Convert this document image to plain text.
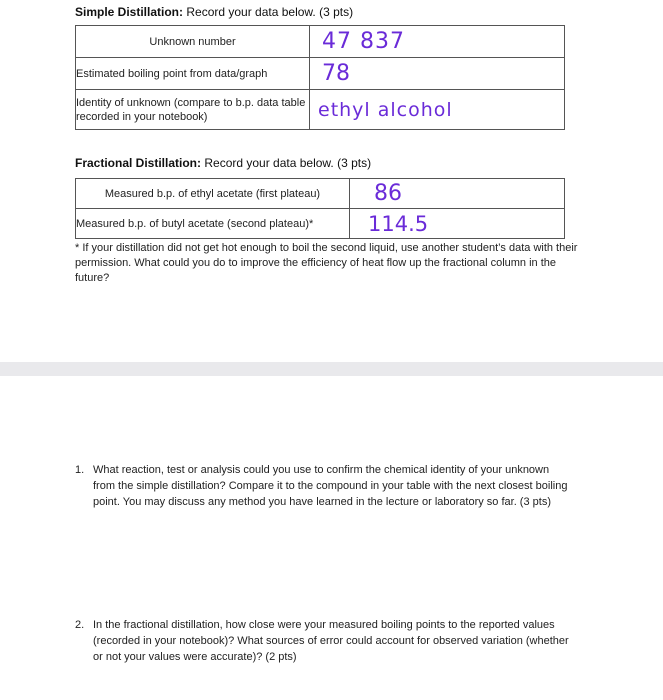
Simple Distillation: Record your data below. (3 pts)
Unknown number	47 837
Estimated boiling point from data/graph	78
Identity of unknown (compare to b.p. data table recorded in your notebook)	ethyl alcohol
Fractional Distillation: Record your data below. (3 pts)
Measured b.p. of ethyl acetate (first plateau)	86
Measured b.p. of butyl acetate (second plateau)*	114.5
* If your distillation did not get hot enough to boil the second liquid, use another student’s data with their permission. What could you do to improve the efficiency of heat flow up the fractional column in the future?
1. What reaction, test or analysis could you use to confirm the chemical identity of your unknown from the simple distillation? Compare it to the compound in your table with the next closest boiling point. You may discuss any method you have learned in the lecture or laboratory so far. (3 pts)
2. In the fractional distillation, how close were your measured boiling points to the reported values (recorded in your notebook)? What sources of error could account for observed variation (whether or not your values were accurate)? (2 pts)
